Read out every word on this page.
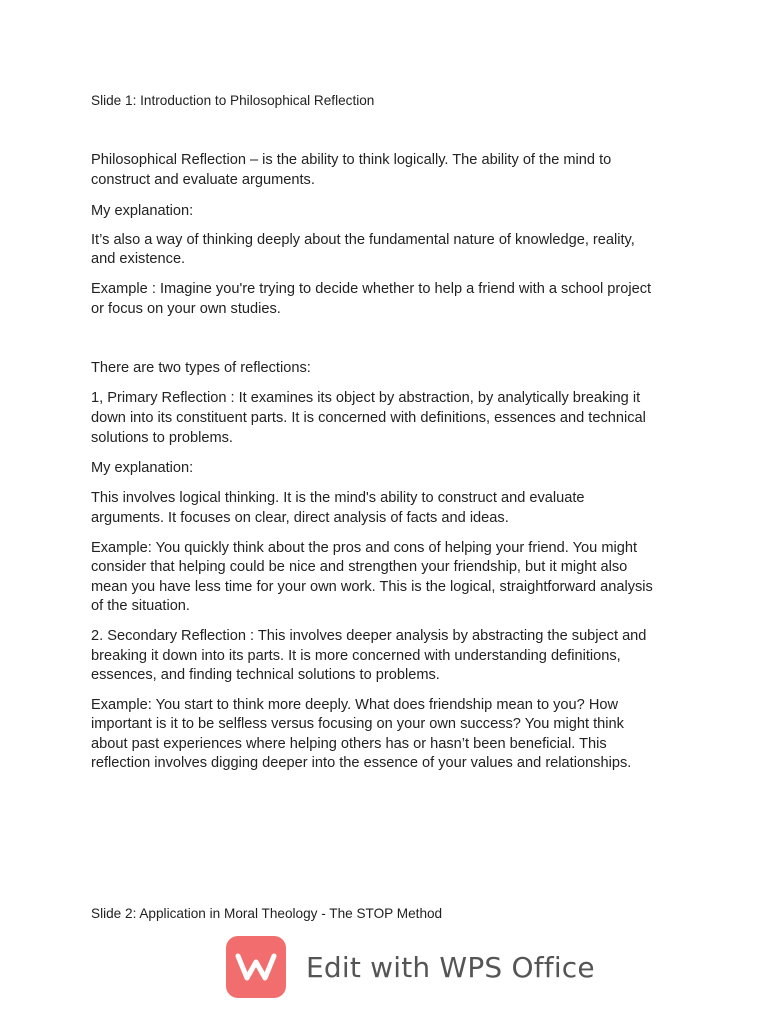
Slide 1: Introduction to Philosophical Reflection
Philosophical Reflection – is the ability to think logically. The ability of the mind to
construct and evaluate arguments.
My explanation:
It’s also a way of thinking deeply about the fundamental nature of knowledge, reality,
and existence.
Example : Imagine you're trying to decide whether to help a friend with a school project
or focus on your own studies.
There are two types of reflections:
1, Primary Reflection : It examines its object by abstraction, by analytically breaking it
down into its constituent parts. It is concerned with definitions, essences and technical
solutions to problems.
My explanation:
This involves logical thinking. It is the mind's ability to construct and evaluate
arguments. It focuses on clear, direct analysis of facts and ideas.
Example: You quickly think about the pros and cons of helping your friend. You might
consider that helping could be nice and strengthen your friendship, but it might also
mean you have less time for your own work. This is the logical, straightforward analysis
of the situation.
2. Secondary Reflection : This involves deeper analysis by abstracting the subject and
breaking it down into its parts. It is more concerned with understanding definitions,
essences, and finding technical solutions to problems.
Example: You start to think more deeply. What does friendship mean to you? How
important is it to be selfless versus focusing on your own success? You might think
about past experiences where helping others has or hasn’t been beneficial. This
reflection involves digging deeper into the essence of your values and relationships.
Slide 2: Application in Moral Theology - The STOP Method
Edit with WPS Office
